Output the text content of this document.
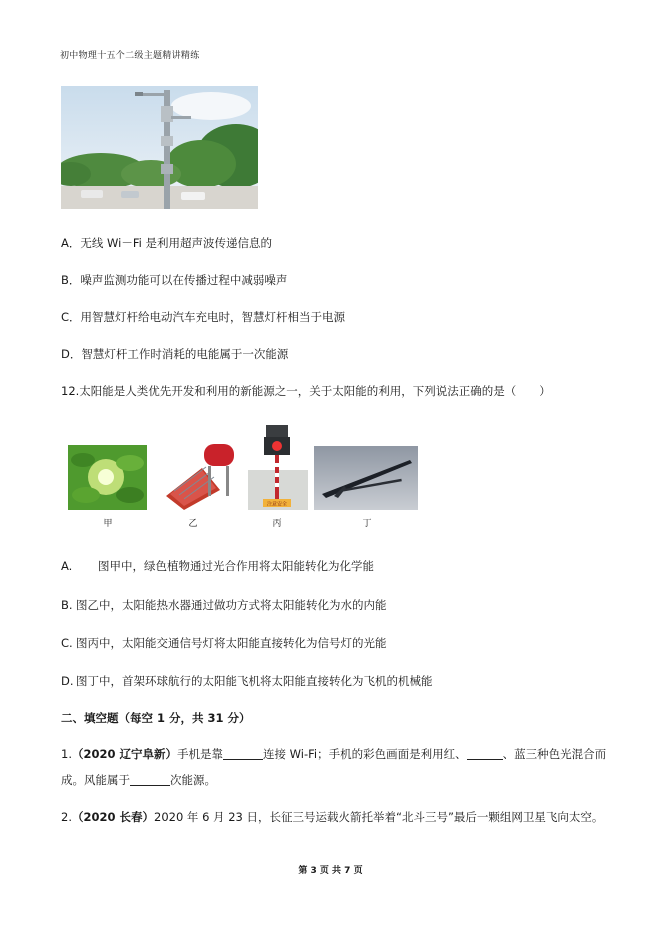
初中物理十五个二级主题精讲精练
A．无线 Wi－Fi 是利用超声波传递信息的
B．噪声监测功能可以在传播过程中减弱噪声
C．用智慧灯杆给电动汽车充电时，智慧灯杆相当于电源
D．智慧灯杆工作时消耗的电能属于一次能源
12.太阳能是人类优先开发和利用的新能源之一，关于太阳能的利用，下列说法正确的是（　　）
注意安全
甲	乙	丙	丁
A. 图甲中，绿色植物通过光合作用将太阳能转化为化学能
B. 图乙中，太阳能热水器通过做功方式将太阳能转化为水的内能
C. 图丙中，太阳能交通信号灯将太阳能直接转化为信号灯的光能
D. 图丁中，首架环球航行的太阳能飞机将太阳能直接转化为飞机的机械能
二、填空题（每空 1 分，共 31 分）
1.（2020 辽宁阜新）手机是靠	连接 Wi-Fi；手机的彩色画面是利用红、	、蓝三种色光混合而
成。风能属于	次能源。
2.（2020 长春）2020 年 6 月 23 日，长征三号运载火箭托举着“北斗三号”最后一颗组网卫星飞向太空。
第 3 页 共 7 页
